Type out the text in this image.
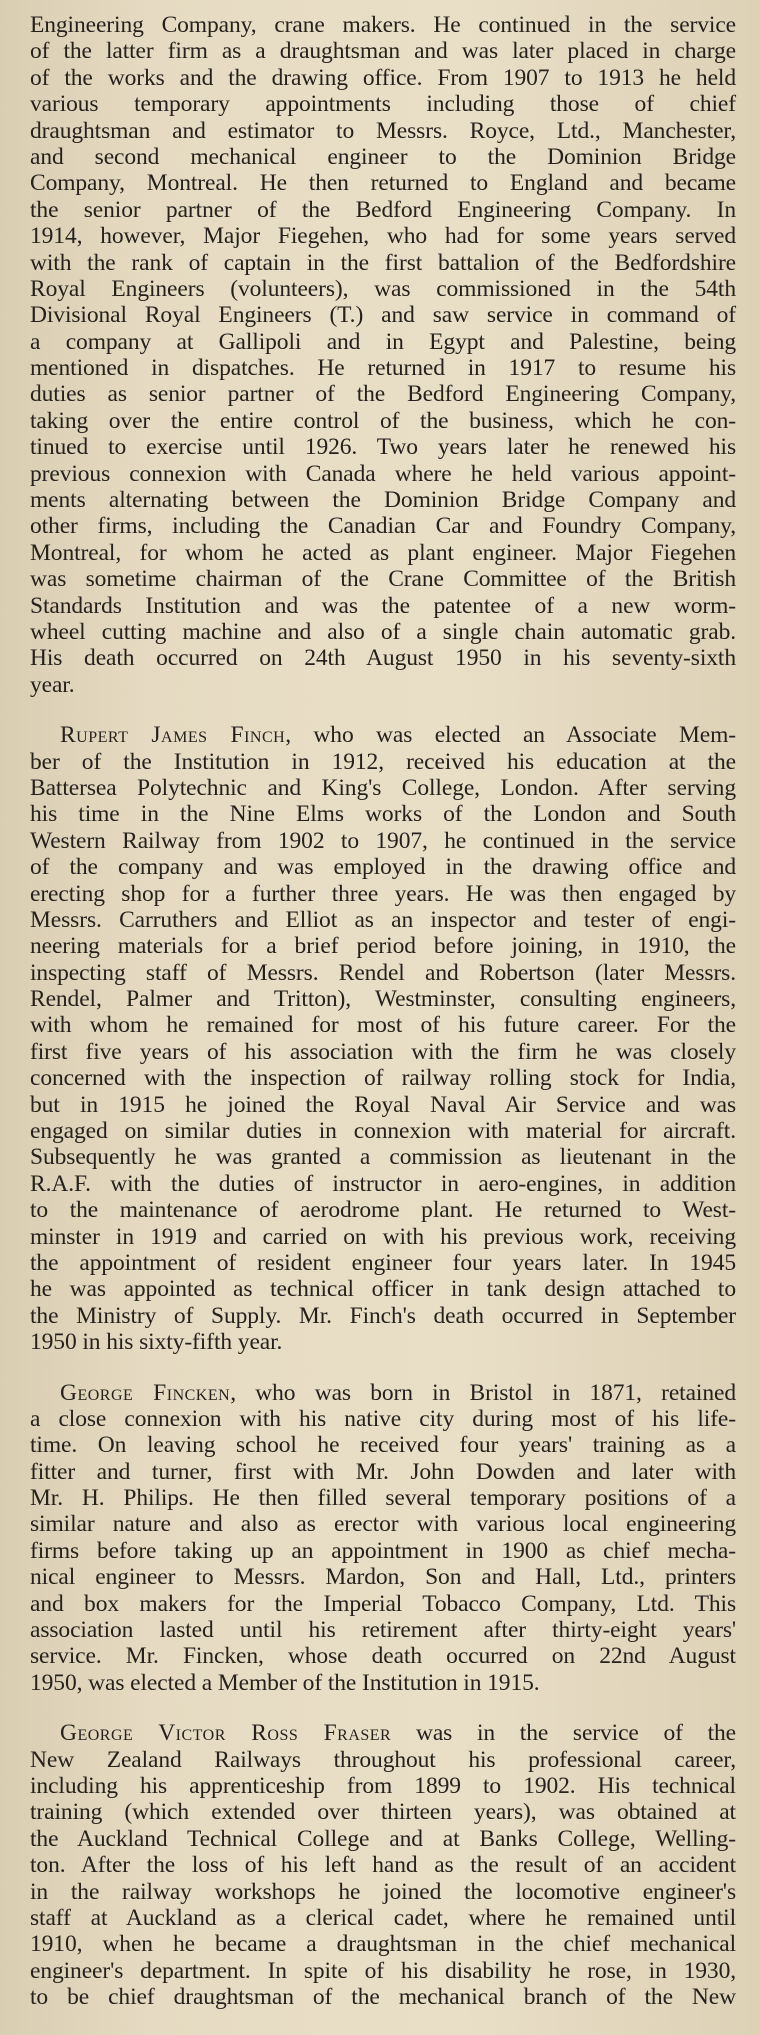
Engineering Company, crane makers. He continued in the service
of the latter firm as a draughtsman and was later placed in charge
of the works and the drawing office. From 1907 to 1913 he held
various temporary appointments including those of chief
draughtsman and estimator to Messrs. Royce, Ltd., Manchester,
and second mechanical engineer to the Dominion Bridge
Company, Montreal. He then returned to England and became
the senior partner of the Bedford Engineering Company. In
1914, however, Major Fiegehen, who had for some years served
with the rank of captain in the first battalion of the Bedfordshire
Royal Engineers (volunteers), was commissioned in the 54th
Divisional Royal Engineers (T.) and saw service in command of
a company at Gallipoli and in Egypt and Palestine, being
mentioned in dispatches. He returned in 1917 to resume his
duties as senior partner of the Bedford Engineering Company,
taking over the entire control of the business, which he con-
tinued to exercise until 1926. Two years later he renewed his
previous connexion with Canada where he held various appoint-
ments alternating between the Dominion Bridge Company and
other firms, including the Canadian Car and Foundry Company,
Montreal, for whom he acted as plant engineer. Major Fiegehen
was sometime chairman of the Crane Committee of the British
Standards Institution and was the patentee of a new worm-
wheel cutting machine and also of a single chain automatic grab.
His death occurred on 24th August 1950 in his seventy-sixth
year.
Rupert James Finch, who was elected an Associate Mem-
ber of the Institution in 1912, received his education at the
Battersea Polytechnic and King's College, London. After serving
his time in the Nine Elms works of the London and South
Western Railway from 1902 to 1907, he continued in the service
of the company and was employed in the drawing office and
erecting shop for a further three years. He was then engaged by
Messrs. Carruthers and Elliot as an inspector and tester of engi-
neering materials for a brief period before joining, in 1910, the
inspecting staff of Messrs. Rendel and Robertson (later Messrs.
Rendel, Palmer and Tritton), Westminster, consulting engineers,
with whom he remained for most of his future career. For the
first five years of his association with the firm he was closely
concerned with the inspection of railway rolling stock for India,
but in 1915 he joined the Royal Naval Air Service and was
engaged on similar duties in connexion with material for aircraft.
Subsequently he was granted a commission as lieutenant in the
R.A.F. with the duties of instructor in aero-engines, in addition
to the maintenance of aerodrome plant. He returned to West-
minster in 1919 and carried on with his previous work, receiving
the appointment of resident engineer four years later. In 1945
he was appointed as technical officer in tank design attached to
the Ministry of Supply. Mr. Finch's death occurred in September
1950 in his sixty-fifth year.
George Fincken, who was born in Bristol in 1871, retained
a close connexion with his native city during most of his life-
time. On leaving school he received four years' training as a
fitter and turner, first with Mr. John Dowden and later with
Mr. H. Philips. He then filled several temporary positions of a
similar nature and also as erector with various local engineering
firms before taking up an appointment in 1900 as chief mecha-
nical engineer to Messrs. Mardon, Son and Hall, Ltd., printers
and box makers for the Imperial Tobacco Company, Ltd. This
association lasted until his retirement after thirty-eight years'
service. Mr. Fincken, whose death occurred on 22nd August
1950, was elected a Member of the Institution in 1915.
George Victor Ross Fraser was in the service of the
New Zealand Railways throughout his professional career,
including his apprenticeship from 1899 to 1902. His technical
training (which extended over thirteen years), was obtained at
the Auckland Technical College and at Banks College, Welling-
ton. After the loss of his left hand as the result of an accident
in the railway workshops he joined the locomotive engineer's
staff at Auckland as a clerical cadet, where he remained until
1910, when he became a draughtsman in the chief mechanical
engineer's department. In spite of his disability he rose, in 1930,
to be chief draughtsman of the mechanical branch of the New
